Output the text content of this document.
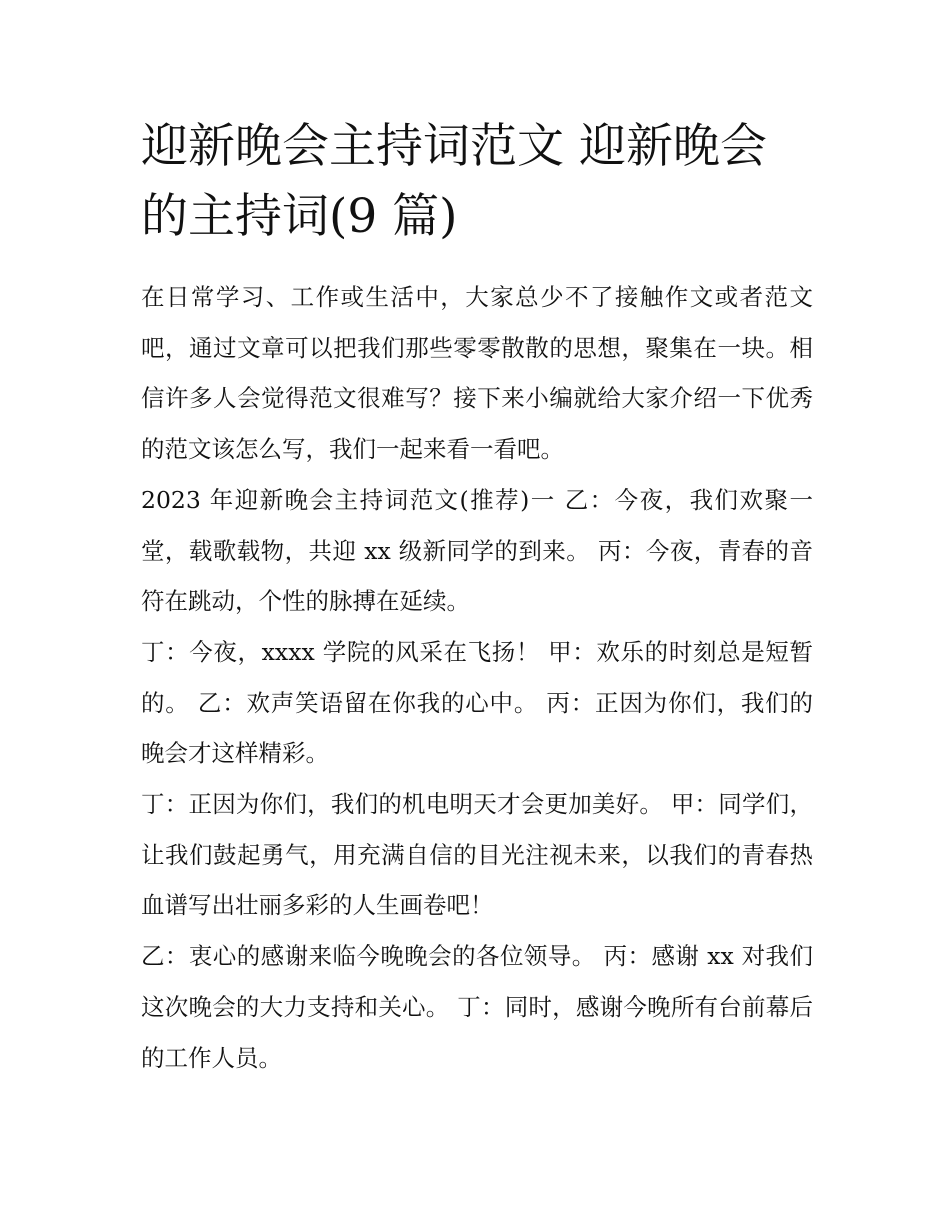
迎新晚会主持词范文 迎新晚会的主持词(9 篇)

在日常学习、工作或生活中，大家总少不了接触作文或者范文吧，通过文章可以把我们那些零零散散的思想，聚集在一块。相信许多人会觉得范文很难写？接下来小编就给大家介绍一下优秀的范文该怎么写，我们一起来看一看吧。

2023 年迎新晚会主持词范文(推荐)一 乙：今夜，我们欢聚一堂，载歌载物，共迎 xx 级新同学的到来。 丙：今夜，青春的音符在跳动，个性的脉搏在延续。

丁：今夜，xxxx 学院的风采在飞扬！ 甲：欢乐的时刻总是短暂的。 乙：欢声笑语留在你我的心中。 丙：正因为你们，我们的晚会才这样精彩。

丁：正因为你们，我们的机电明天才会更加美好。 甲：同学们，让我们鼓起勇气，用充满自信的目光注视未来，以我们的青春热血谱写出壮丽多彩的人生画卷吧！

乙：衷心的感谢来临今晚晚会的各位领导。 丙：感谢 xx 对我们这次晚会的大力支持和关心。 丁：同时，感谢今晚所有台前幕后的工作人员。
